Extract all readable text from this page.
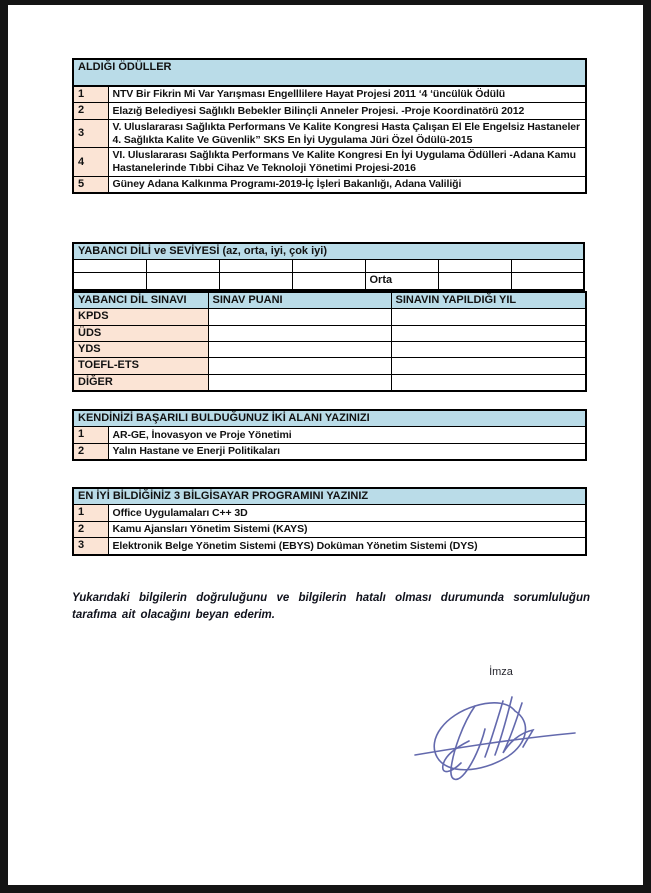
ALDIĞI ÖDÜLLER	
1	NTV Bir Fikrin Mi Var Yarışması Engelllilere Hayat Projesi 2011 ‘4 ‘üncülük Ödülü
2	Elazığ Belediyesi Sağlıklı Bebekler Bilinçli Anneler Projesi. -Proje Koordinatörü 2012
3	V. Uluslararası Sağlıkta Performans Ve Kalite Kongresi Hasta Çalışan El Ele Engelsiz Hastaneler 4. Sağlıkta Kalite Ve Güvenlik” SKS En İyi Uygulama Jüri Özel Ödülü-2015
4	VI. Uluslararası Sağlıkta Performans Ve Kalite Kongresi En İyi Uygulama Ödülleri -Adana Kamu Hastanelerinde Tıbbi Cihaz Ve Teknoloji Yönetimi Projesi-2016
5	Güney Adana Kalkınma Programı-2019-İç İşleri Bakanlığı, Adana Valiliği
YABANCI DİLİ ve SEVİYESİ (az, orta, iyi, çok iyi)						

				Orta		
YABANCI DİL SINAVI	SINAV PUANI	SINAVIN YAPILDIĞI YIL
KPDS		
ÜDS		
YDS		
TOEFL-ETS		
DİĞER		
KENDİNİZİ BAŞARILI BULDUĞUNUZ İKİ ALANI YAZINIZI	
1	AR-GE, İnovasyon ve Proje Yönetimi
2	Yalın Hastane ve Enerji Politikaları
EN İYİ BİLDİĞİNİZ 3 BİLGİSAYAR PROGRAMINI YAZINIZ	
1	Office Uygulamaları C++ 3D
2	Kamu Ajansları Yönetim Sistemi (KAYS)
3	Elektronik Belge Yönetim Sistemi (EBYS) Doküman Yönetim Sistemi (DYS)
Yukarıdaki bilgilerin doğruluğunu ve bilgilerin hatalı olması durumunda sorumluluğun tarafıma ait olacağını beyan ederim.
İmza
